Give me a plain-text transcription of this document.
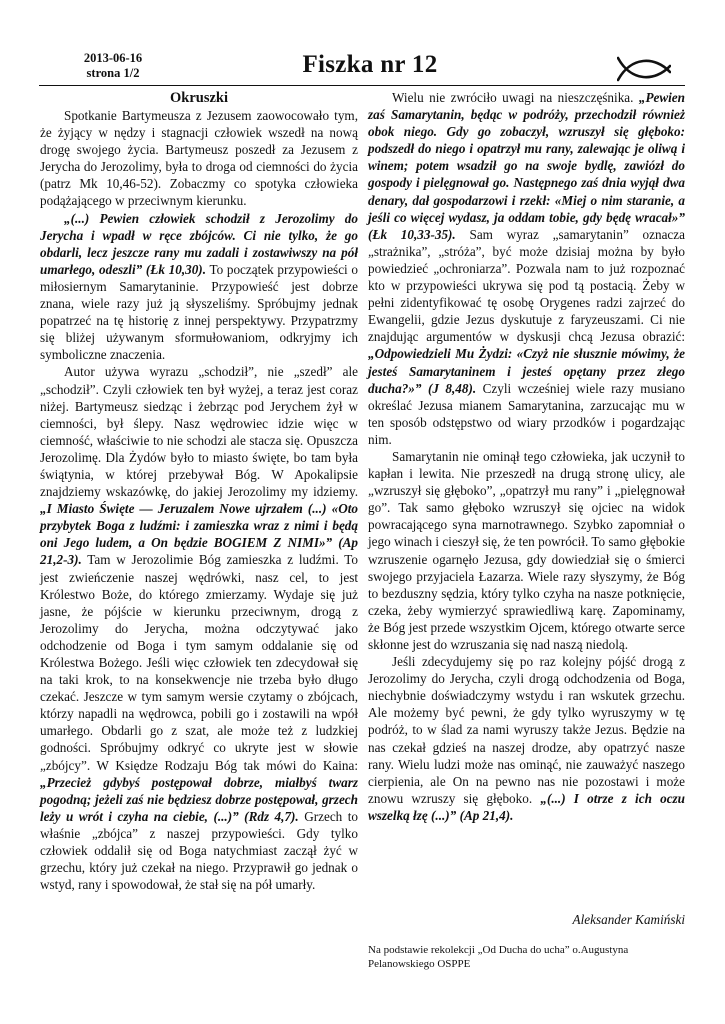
2013-06-16
strona 1/2	Fiszka nr 12
Okruszki

Spotkanie Bartymeusza z Jezusem zaowocowało tym, że żyjący w nędzy i stagnacji człowiek wszedł na nową drogę swojego życia. Bartymeusz poszedł za Jezusem z Jerycha do Jerozolimy, była to droga od ciemności do życia (patrz Mk 10,46-52). Zobaczmy co spotyka człowieka podążającego w przeciwnym kierunku.

„(...) Pewien człowiek schodził z Jerozolimy do Jerycha i wpadł w ręce zbójców. Ci nie tylko, że go obdarli, lecz jeszcze rany mu zadali i zostawiwszy na pół umarłego, odeszli” (Łk 10,30). To początek przypowieści o miłosiernym Samarytaninie. Przypowieść jest dobrze znana, wiele razy już ją słyszeliśmy. Spróbujmy jednak popatrzeć na tę historię z innej perspektywy. Przypatrzmy się bliżej używanym sformułowaniom, odkryjmy ich symboliczne znaczenia.

Autor używa wyrazu „schodził”, nie „szedł” ale „schodził”. Czyli człowiek ten był wyżej, a teraz jest coraz niżej. Bartymeusz siedząc i żebrząc pod Jerychem żył w ciemności, był ślepy. Nasz wędrowiec idzie więc w ciemność, właściwie to nie schodzi ale stacza się. Opuszcza Jerozolimę. Dla Żydów było to miasto święte, bo tam była świątynia, w której przebywał Bóg. W Apokalipsie znajdziemy wskazówkę, do jakiej Jerozolimy my idziemy. „I Miasto Święte — Jeruzalem Nowe ujrzałem (...) «Oto przybytek Boga z ludźmi: i zamieszka wraz z nimi i będą oni Jego ludem, a On będzie BOGIEM Z NIMI»” (Ap 21,2-3). Tam w Jerozolimie Bóg zamieszka z ludźmi. To jest zwieńczenie naszej wędrówki, nasz cel, to jest Królestwo Boże, do którego zmierzamy. Wydaje się już jasne, że pójście w kierunku przeciwnym, drogą z Jerozolimy do Jerycha, można odczytywać jako odchodzenie od Boga i tym samym oddalanie się od Królestwa Bożego. Jeśli więc człowiek ten zdecydował się na taki krok, to na konsekwencje nie trzeba było długo czekać. Jeszcze w tym samym wersie czytamy o zbójcach, którzy napadli na wędrowca, pobili go i zostawili na wpół umarłego. Obdarli go z szat, ale może też z ludzkiej godności. Spróbujmy odkryć co ukryte jest w słowie „zbójcy”. W Księdze Rodzaju Bóg tak mówi do Kaina: „Przecież gdybyś postępował dobrze, miałbyś twarz pogodną; jeżeli zaś nie będziesz dobrze postępował, grzech leży u wrót i czyha na ciebie, (...)” (Rdz 4,7). Grzech to właśnie „zbójca” z naszej przypowieści. Gdy tylko człowiek oddalił się od Boga natychmiast zaczął żyć w grzechu, który już czekał na niego. Przyprawił go jednak o wstyd, rany i spowodował, że stał się na pół umarły.

Wielu nie zwróciło uwagi na nieszczęśnika. „Pewien zaś Samarytanin, będąc w podróży, przechodził również obok niego. Gdy go zobaczył, wzruszył się głęboko: podszedł do niego i opatrzył mu rany, zalewając je oliwą i winem; potem wsadził go na swoje bydlę, zawiózł do gospody i pielęgnował go. Następnego zaś dnia wyjął dwa denary, dał gospodarzowi i rzekł: «Miej o nim staranie, a jeśli co więcej wydasz, ja oddam tobie, gdy będę wracał»” (Łk 10,33-35). Sam wyraz „samarytanin” oznacza „strażnika”, „stróża”, być może dzisiaj można by było powiedzieć „ochroniarza”. Pozwala nam to już rozpoznać kto w przypowieści ukrywa się pod tą postacią. Żeby w pełni zidentyfikować tę osobę Orygenes radzi zajrzeć do Ewangelii, gdzie Jezus dyskutuje z faryzeuszami. Ci nie znajdując argumentów w dyskusji chcą Jezusa obrazić: „Odpowiedzieli Mu Żydzi: «Czyż nie słusznie mówimy, że jesteś Samarytaninem i jesteś opętany przez złego ducha?»” (J 8,48). Czyli wcześniej wiele razy musiano określać Jezusa mianem Samarytanina, zarzucając mu w ten sposób odstępstwo od wiary przodków i pogardzając nim.

Samarytanin nie ominął tego człowieka, jak uczynił to kapłan i lewita. Nie przeszedł na drugą stronę ulicy, ale „wzruszył się głęboko”, „opatrzył mu rany” i „pielęgnował go”. Tak samo głęboko wzruszył się ojciec na widok powracającego syna marnotrawnego. Szybko zapomniał o jego winach i cieszył się, że ten powrócił. To samo głębokie wzruszenie ogarnęło Jezusa, gdy dowiedział się o śmierci swojego przyjaciela Łazarza. Wiele razy słyszymy, że Bóg to bezduszny sędzia, który tylko czyha na nasze potknięcie, czeka, żeby wymierzyć sprawiedliwą karę. Zapominamy, że Bóg jest przede wszystkim Ojcem, którego otwarte serce skłonne jest do wzruszania się nad naszą niedolą.

Jeśli zdecydujemy się po raz kolejny pójść drogą z Jerozolimy do Jerycha, czyli drogą odchodzenia od Boga, niechybnie doświadczymy wstydu i ran wskutek grzechu. Ale możemy być pewni, że gdy tylko wyruszymy w tę podróż, to w ślad za nami wyruszy także Jezus. Będzie na nas czekał gdzieś na naszej drodze, aby opatrzyć nasze rany. Wielu ludzi może nas ominąć, nie zauważyć naszego cierpienia, ale On na pewno nas nie pozostawi i może znowu wzruszy się głęboko. „(...) I otrze z ich oczu wszelką łzę (...)” (Ap 21,4).

Aleksander Kamiński
Na podstawie rekolekcji „Od Ducha do ucha” o.Augustyna Pelanowskiego OSPPE
